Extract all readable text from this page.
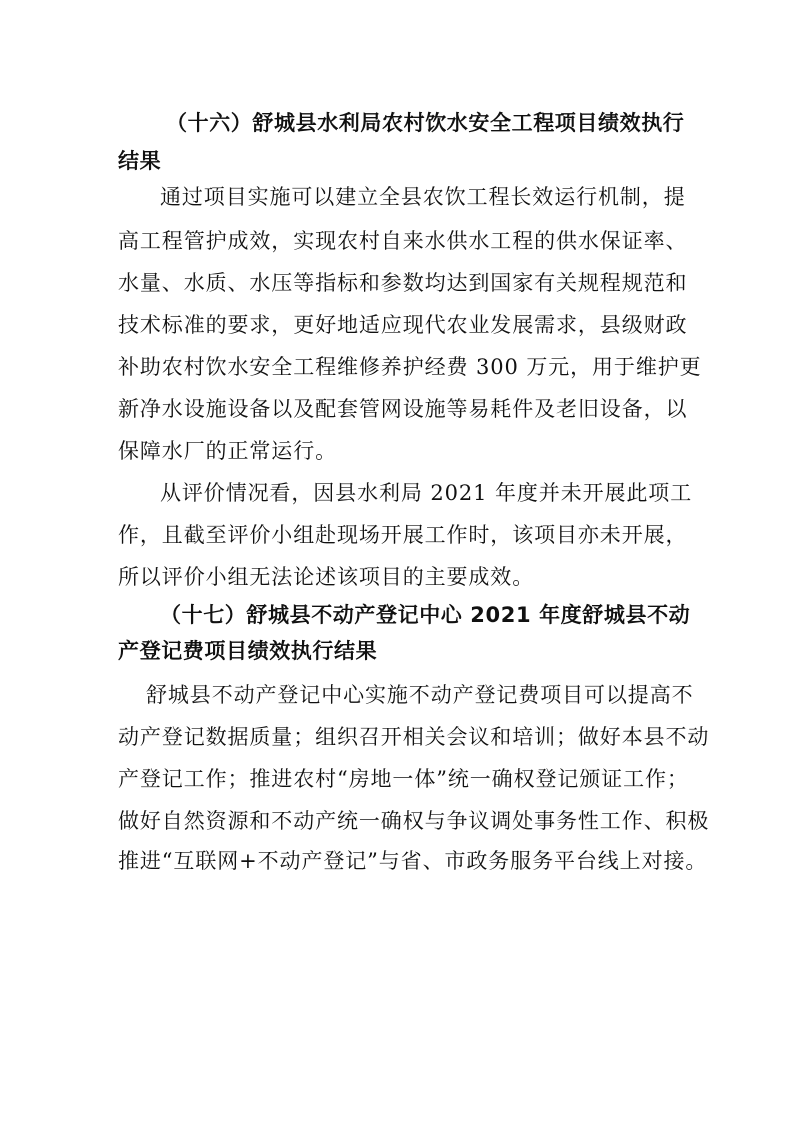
（十六）舒城县水利局农村饮水安全工程项目绩效执行
结果
通过项目实施可以建立全县农饮工程长效运行机制，提
高工程管护成效，实现农村自来水供水工程的供水保证率、
水量、水质、水压等指标和参数均达到国家有关规程规范和
技术标准的要求，更好地适应现代农业发展需求，县级财政
补助农村饮水安全工程维修养护经费 300 万元，用于维护更
新净水设施设备以及配套管网设施等易耗件及老旧设备，以
保障水厂的正常运行。
从评价情况看，因县水利局 2021 年度并未开展此项工
作，且截至评价小组赴现场开展工作时，该项目亦未开展，
所以评价小组无法论述该项目的主要成效。
（十七）舒城县不动产登记中心 2021 年度舒城县不动
产登记费项目绩效执行结果
舒城县不动产登记中心实施不动产登记费项目可以提高不
动产登记数据质量；组织召开相关会议和培训；做好本县不动
产登记工作；推进农村“房地一体”统一确权登记颁证工作；
做好自然资源和不动产统一确权与争议调处事务性工作、积极
推进“互联网+不动产登记”与省、市政务服务平台线上对接。
